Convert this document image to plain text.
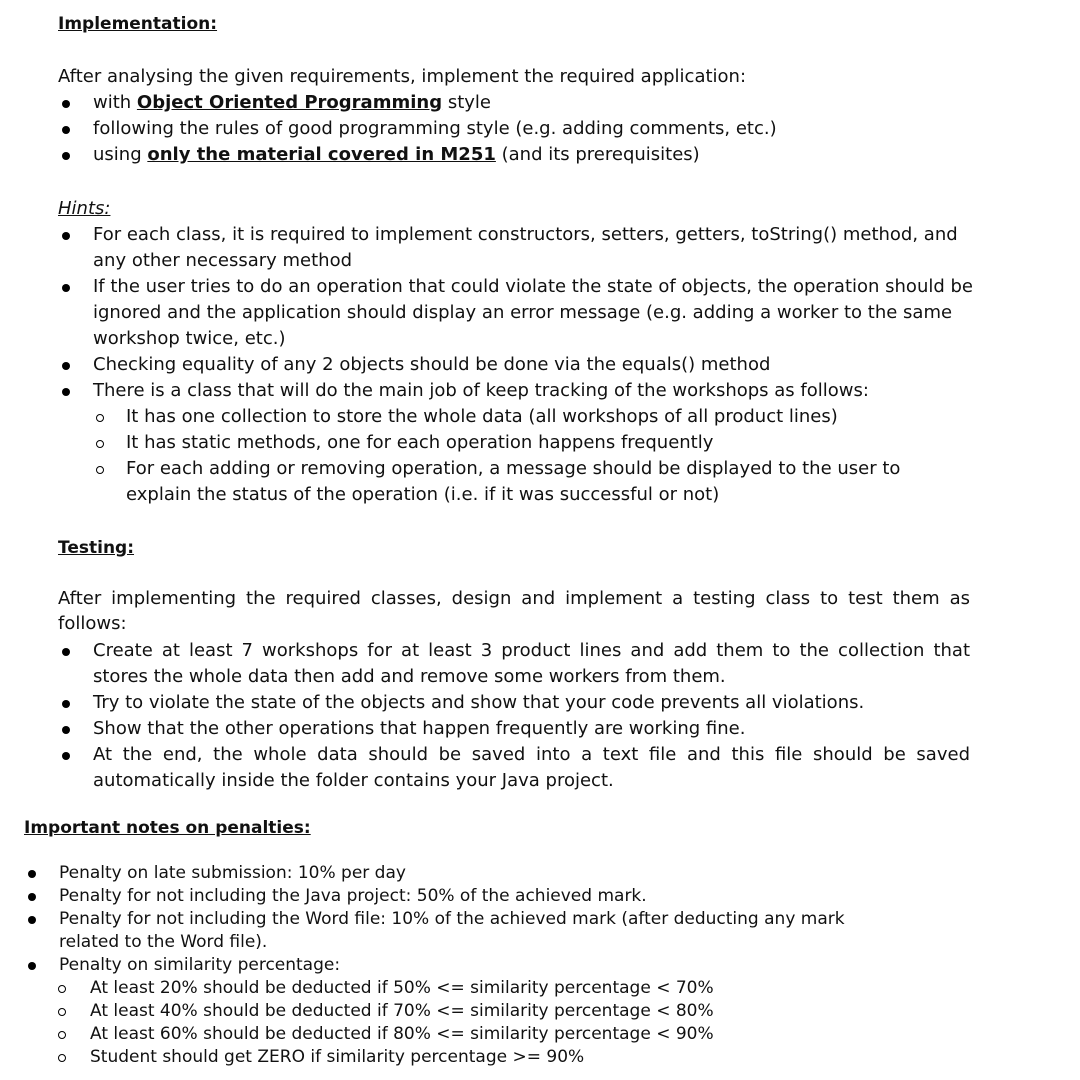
Implementation:
After analysing the given requirements, implement the required application:
with Object Oriented Programming style
following the rules of good programming style (e.g. adding comments, etc.)
using only the material covered in M251 (and its prerequisites)
Hints:
For each class, it is required to implement constructors, setters, getters, toString() method, and any other necessary method
If the user tries to do an operation that could violate the state of objects, the operation should be ignored and the application should display an error message (e.g. adding a worker to the same workshop twice, etc.)
Checking equality of any 2 objects should be done via the equals() method
There is a class that will do the main job of keep tracking of the workshops as follows:
It has one collection to store the whole data (all workshops of all product lines)
It has static methods, one for each operation happens frequently
For each adding or removing operation, a message should be displayed to the user to explain the status of the operation (i.e. if it was successful or not)
Testing:
After implementing the required classes, design and implement a testing class to test them as follows:
Create at least 7 workshops for at least 3 product lines and add them to the collection that stores the whole data then add and remove some workers from them.
Try to violate the state of the objects and show that your code prevents all violations.
Show that the other operations that happen frequently are working fine.
At the end, the whole data should be saved into a text file and this file should be saved automatically inside the folder contains your Java project.
Important notes on penalties:
Penalty on late submission: 10% per day
Penalty for not including the Java project: 50% of the achieved mark.
Penalty for not including the Word file: 10% of the achieved mark (after deducting any mark related to the Word file).
Penalty on similarity percentage:
At least 20% should be deducted if 50% <= similarity percentage < 70%
At least 40% should be deducted if 70% <= similarity percentage < 80%
At least 60% should be deducted if 80% <= similarity percentage < 90%
Student should get ZERO if similarity percentage >= 90%
